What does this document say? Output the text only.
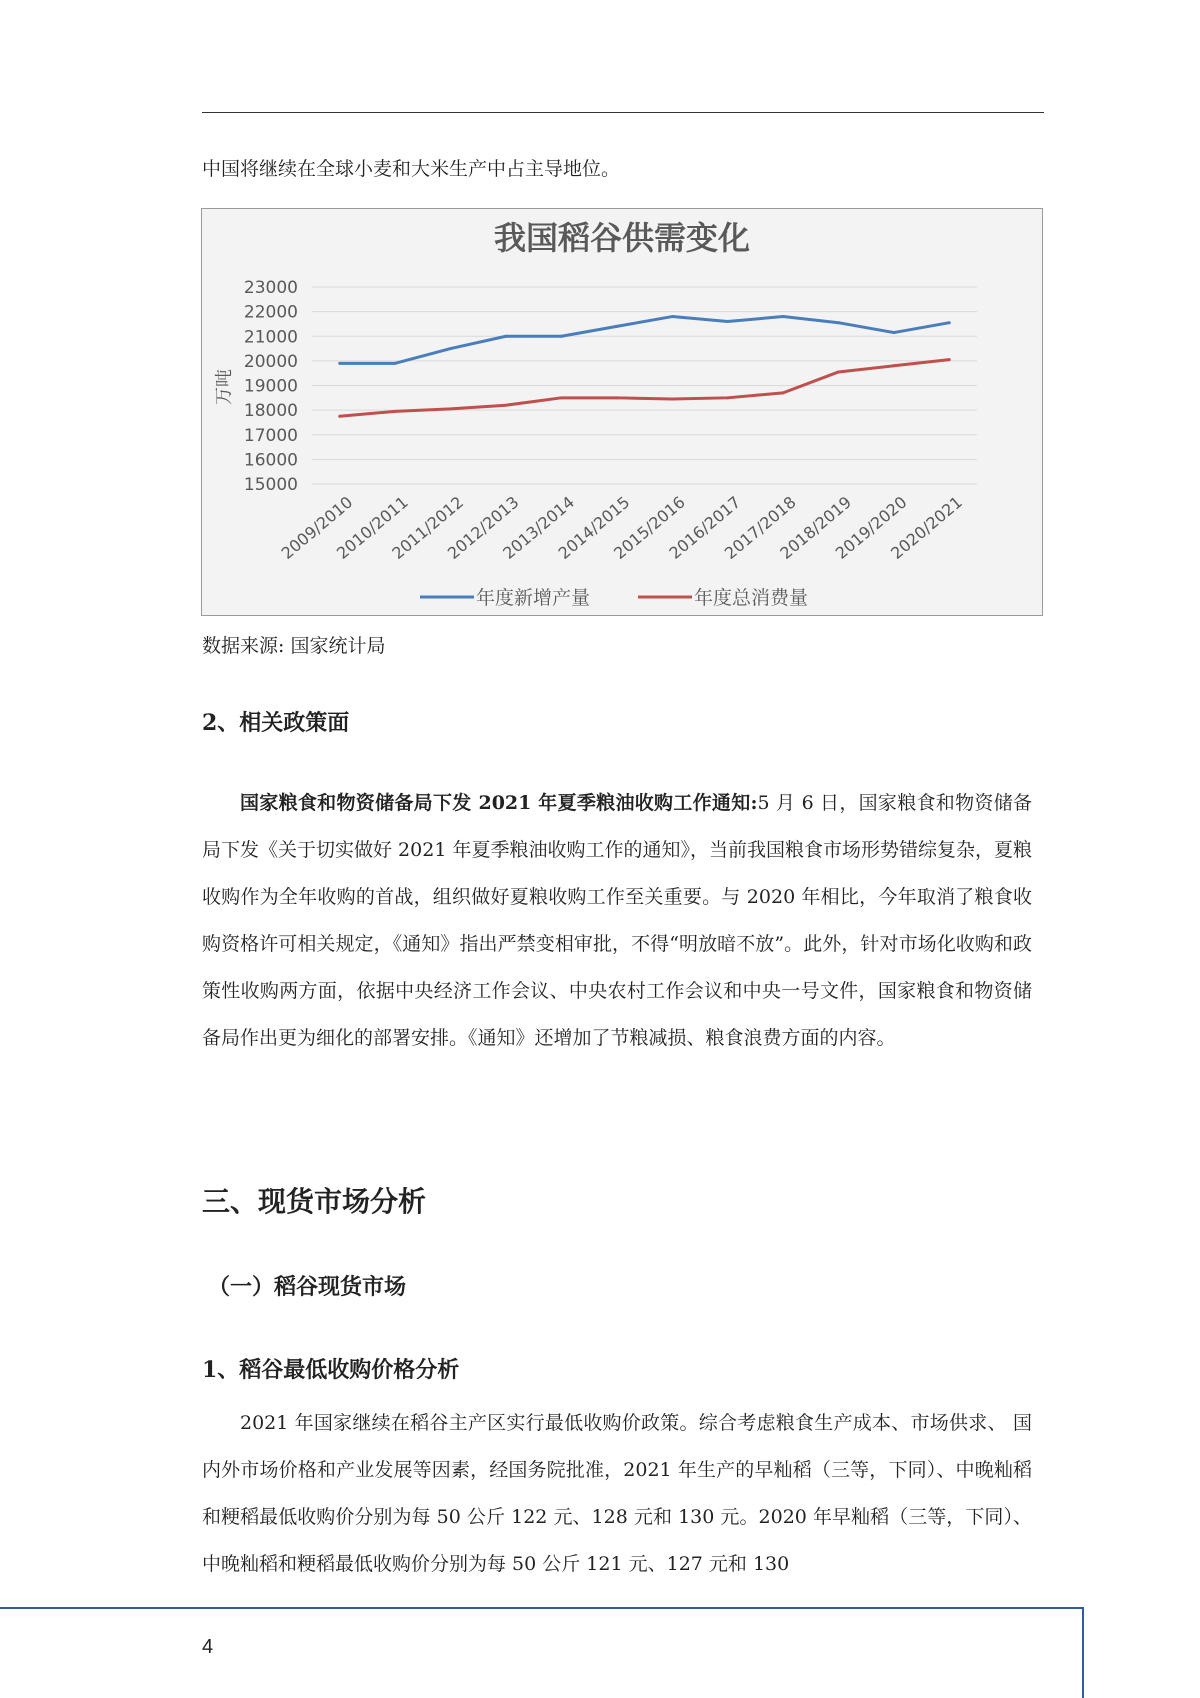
中国将继续在全球小麦和大米生产中占主导地位。

我国稻谷供需变化
万吨
15000
16000
17000
18000
19000
20000
21000
22000
23000
2009/2010
2010/2011
2011/2012
2012/2013
2013/2014
2014/2015
2015/2016
2016/2017
2017/2018
2018/2019
2019/2020
2020/2021
年度新增产量	年度总消费量

数据来源: 国家统计局

2、相关政策面

国家粮食和物资储备局下发 2021 年夏季粮油收购工作通知:5 月 6 日，国家粮食和物资储备局下发《关于切实做好 2021 年夏季粮油收购工作的通知》，当前我国粮食市场形势错综复杂，夏粮收购作为全年收购的首战，组织做好夏粮收购工作至关重要。与 2020 年相比，今年取消了粮食收购资格许可相关规定，《通知》指出严禁变相审批，不得“明放暗不放”。此外，针对市场化收购和政策性收购两方面，依据中央经济工作会议、中央农村工作会议和中央一号文件，国家粮食和物资储备局作出更为细化的部署安排。《通知》还增加了节粮减损、粮食浪费方面的内容。

三、现货市场分析
（一）稻谷现货市场
1、稻谷最低收购价格分析

2021 年国家继续在稻谷主产区实行最低收购价政策。综合考虑粮食生产成本、市场供求、 国内外市场价格和产业发展等因素，经国务院批准，2021 年生产的早籼稻（三等，下同）、中晚籼稻和粳稻最低收购价分别为每 50 公斤 122 元、128 元和 130 元。2020 年早籼稻（三等，下同）、中晚籼稻和粳稻最低收购价分别为每 50 公斤 121 元、127 元和 130

4
